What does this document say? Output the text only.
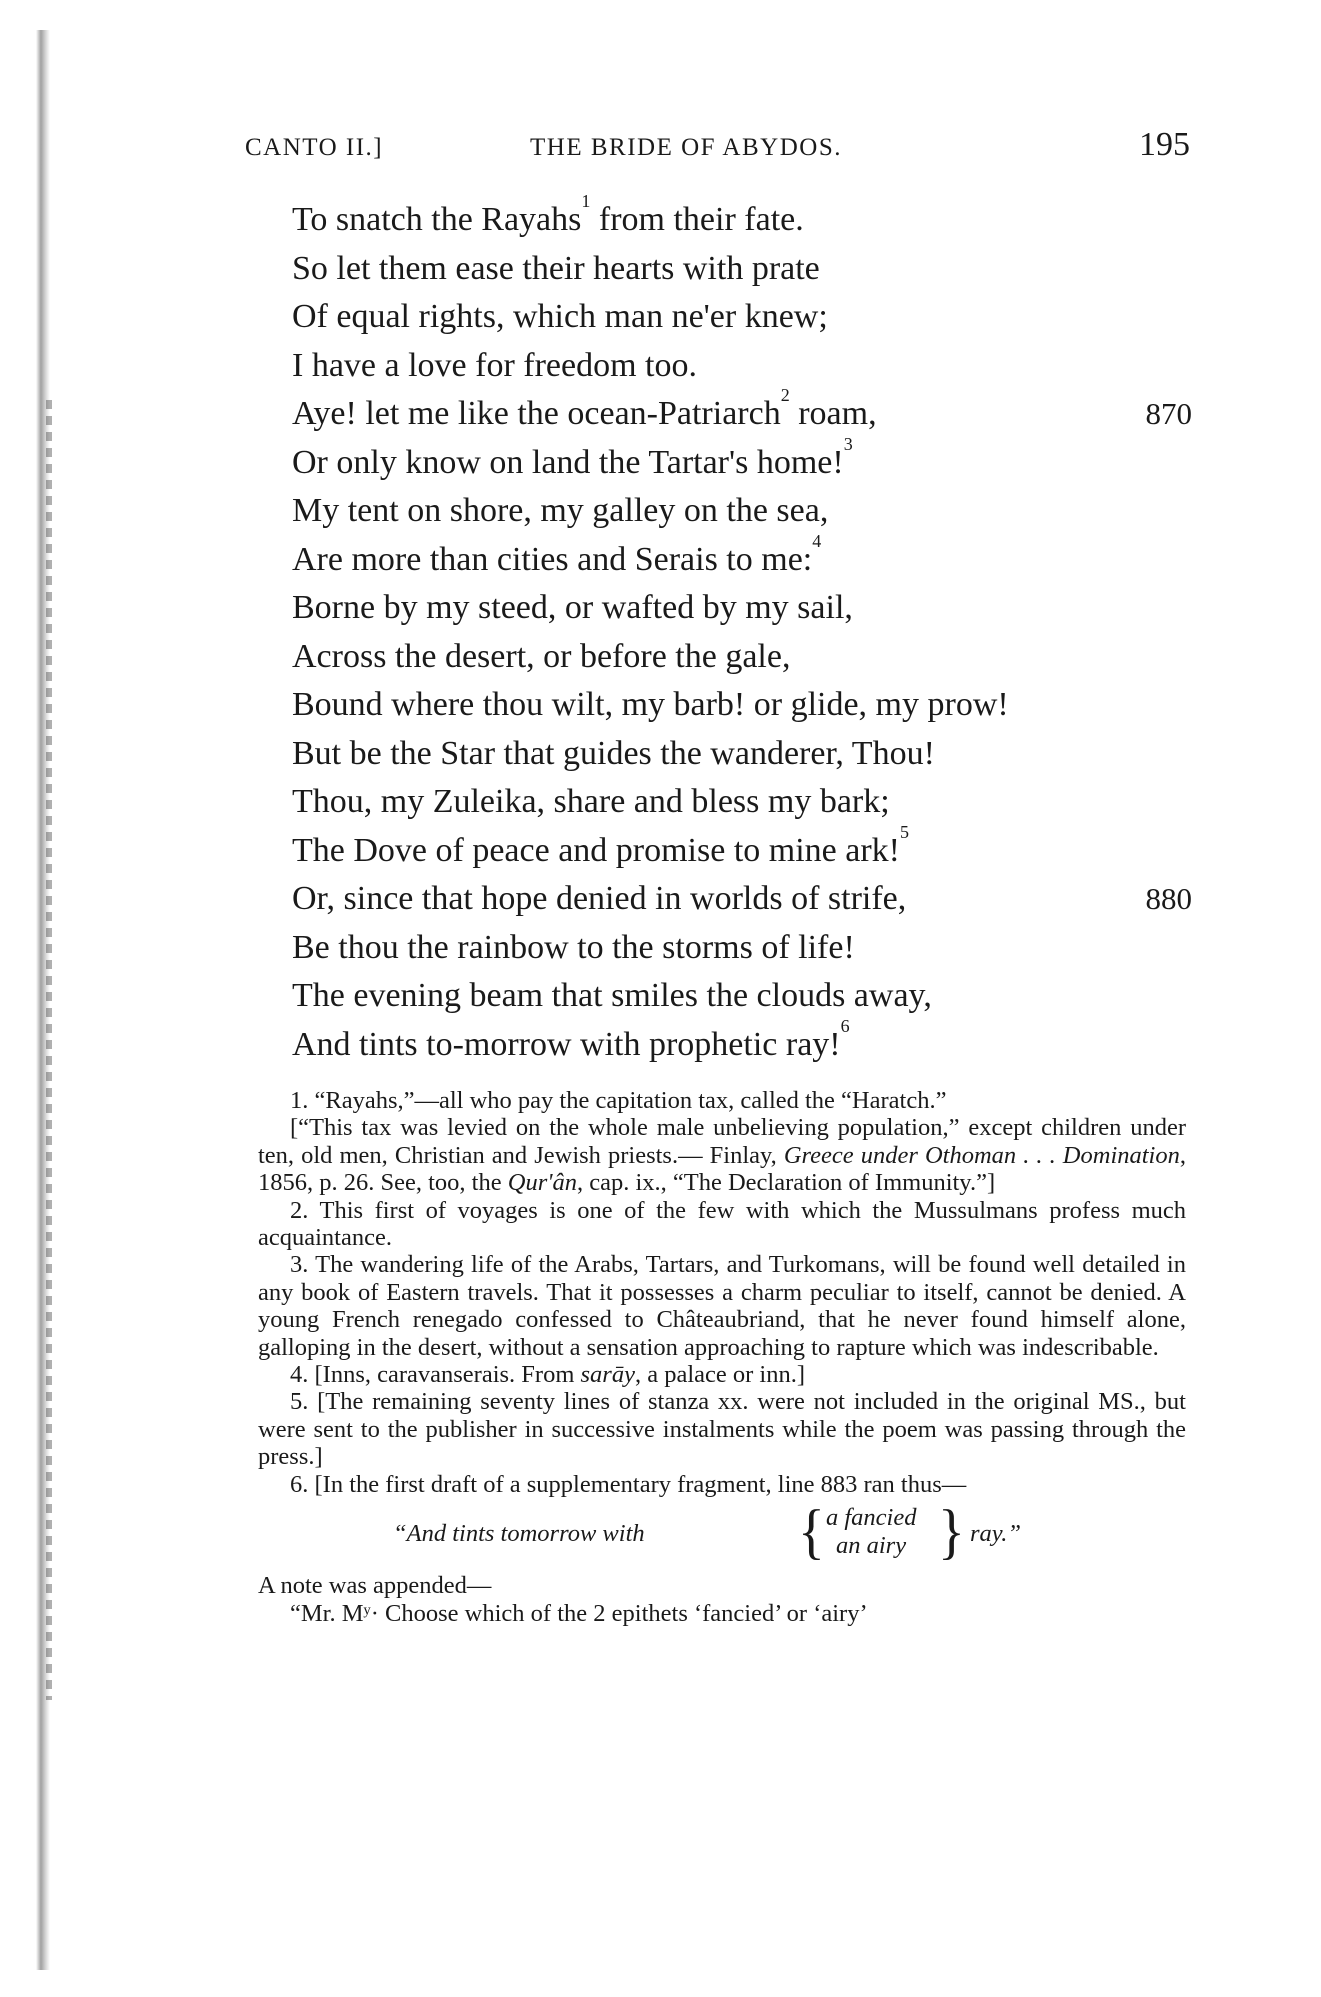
CANTO II.]	THE BRIDE OF ABYDOS.	195
To snatch the Rayahs$^1$ from their fate.
So let them ease their hearts with prate
Of equal rights, which man ne'er knew;
I have a love for freedom too.
Aye! let me like the ocean-Patriarch$^2$ roam,	870
Or only know on land the Tartar's home!$^3$
My tent on shore, my galley on the sea,
Are more than cities and Serais to me:$^4$
Borne by my steed, or wafted by my sail,
Across the desert, or before the gale,
Bound where thou wilt, my barb! or glide, my prow!
But be the Star that guides the wanderer, Thou!
Thou, my Zuleika, share and bless my bark;
The Dove of peace and promise to mine ark!$^5$
Or, since that hope denied in worlds of strife,	880
Be thou the rainbow to the storms of life!
The evening beam that smiles the clouds away,
And tints to-morrow with prophetic ray!$^6$

1. “Rayahs,”—all who pay the capitation tax, called the “Haratch.”

[“This tax was levied on the whole male unbelieving population,” except children under ten, old men, Christian and Jewish priests.— Finlay, Greece under Othoman . . . Domination, 1856, p. 26. See, too, the Qur'ân, cap. ix., “The Declaration of Immunity.”]

2. This first of voyages is one of the few with which the Mussulmans profess much acquaintance.

3. The wandering life of the Arabs, Tartars, and Turkomans, will be found well detailed in any book of Eastern travels. That it possesses a charm peculiar to itself, cannot be denied. A young French renegado confessed to Châteaubriand, that he never found himself alone, galloping in the desert, without a sensation approaching to rapture which was indescribable.

4. [Inns, caravanserais. From sarāy, a palace or inn.]

5. [The remaining seventy lines of stanza xx. were not included in the original MS., but were sent to the publisher in successive instalments while the poem was passing through the press.]

6. [In the first draft of a supplementary fragment, line 883 ran thus—

“And tints tomorrow with	{ a fancied
an airy } ray.”

A note was appended—

“Mr. Mʸ· Choose which of the 2 epithets ‘fancied’ or ‘airy’
